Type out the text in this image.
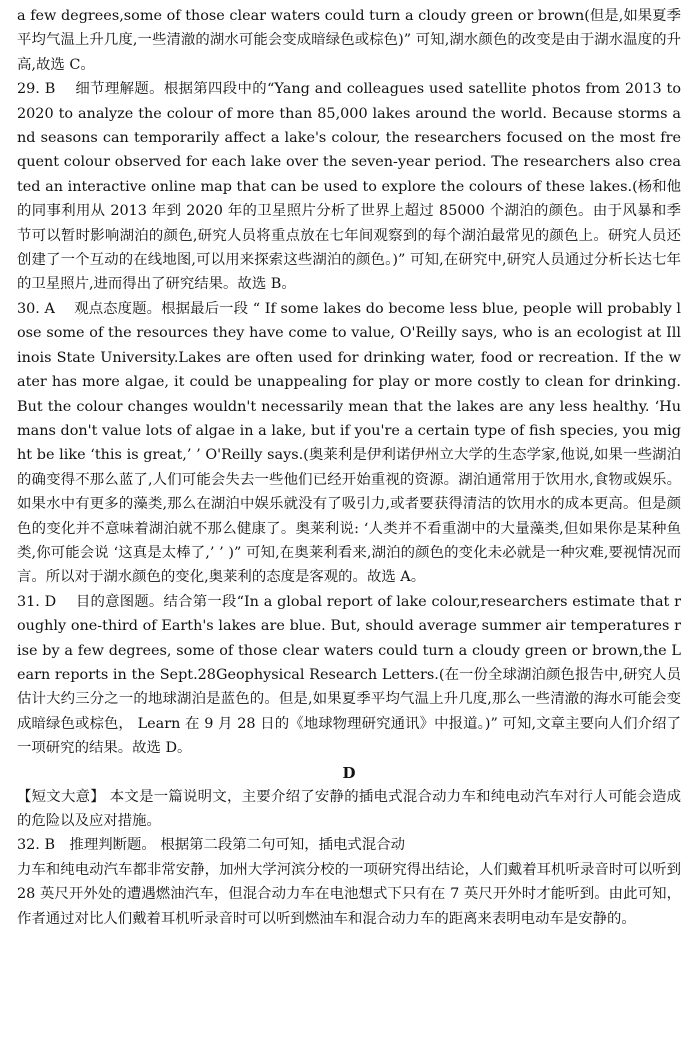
a few degrees,some of those clear waters could turn a cloudy green or brown(但是,如果夏季平均气温上升几度,一些清澈的湖水可能会变成暗绿色或棕色)” 可知,湖水颜色的改变是由于湖水温度的升高,故选 C。

29. B　 细节理解题。根据第四段中的“Yang and colleagues used satellite photos from 2013 to 2020 to analyze the colour of more than 85,000 lakes around the world. Because storms and seasons can temporarily affect a lake's colour, the researchers focused on the most frequent colour observed for each lake over the seven-year period. The researchers also created an interactive online map that can be used to explore the colours of these lakes.(杨和他的同事利用从 2013 年到 2020 年的卫星照片分析了世界上超过 85000 个湖泊的颜色。由于风暴和季节可以暂时影响湖泊的颜色,研究人员将重点放在七年间观察到的每个湖泊最常见的颜色上。研究人员还创建了一个互动的在线地图,可以用来探索这些湖泊的颜色。)” 可知,在研究中,研究人员通过分析长达七年的卫星照片,进而得出了研究结果。故选 B。

30. A　 观点态度题。根据最后一段 “ If some lakes do become less blue, people will probably lose some of the resources they have come to value, O'Reilly says, who is an ecologist at Illinois State University.Lakes are often used for drinking water, food or recreation. If the water has more algae, it could be unappealing for play or more costly to clean for drinking. But the colour changes wouldn't necessarily mean that the lakes are any less healthy. ‘Humans don't value lots of algae in a lake, but if you're a certain type of fish species, you might be like ‘this is great,’ ’ O'Reilly says.(奥莱利是伊利诺伊州立大学的生态学家,他说,如果一些湖泊的确变得不那么蓝了,人们可能会失去一些他们已经开始重视的资源。湖泊通常用于饮用水,食物或娱乐。如果水中有更多的藻类,那么在湖泊中娱乐就没有了吸引力,或者要获得清洁的饮用水的成本更高。但是颜色的变化并不意味着湖泊就不那么健康了。奥莱利说: ‘人类并不看重湖中的大量藻类,但如果你是某种鱼类,你可能会说 ‘这真是太棒了,’ ’ )” 可知,在奥莱利看来,湖泊的颜色的变化未必就是一种灾难,要视情况而言。所以对于湖水颜色的变化,奥莱利的态度是客观的。故选 A。

31. D　 目的意图题。结合第一段“In a global report of lake colour,researchers estimate that roughly one-third of Earth's lakes are blue. But, should average summer air temperatures rise by a few degrees, some of those clear waters could turn a cloudy green or brown,the Learn reports in the Sept.28Geophysical Research Letters.(在一份全球湖泊颜色报告中,研究人员估计大约三分之一的地球湖泊是蓝色的。但是,如果夏季平均气温上升几度,那么一些清澈的海水可能会变成暗绿色或棕色， Learn 在 9 月 28 日的《地球物理研究通讯》中报道。)” 可知,文章主要向人们介绍了一项研究的结果。故选 D。

D

【短文大意】 本文是一篇说明文，主要介绍了安静的插电式混合动力车和纯电动汽车对行人可能会造成的危险以及应对措施。

32. B　推理判断题。 根据第二段第二句可知，插电式混合动

力车和纯电动汽车都非常安静，加州大学河滨分校的一项研究得出结论，人们戴着耳机听录音时可以听到 28 英尺开外处的遭遇燃油汽车，但混合动力车在电池想式下只有在 7 英尺开外时才能听到。由此可知，作者通过对比人们戴着耳机听录音时可以听到燃油车和混合动力车的距离来表明电动车是安静的。
